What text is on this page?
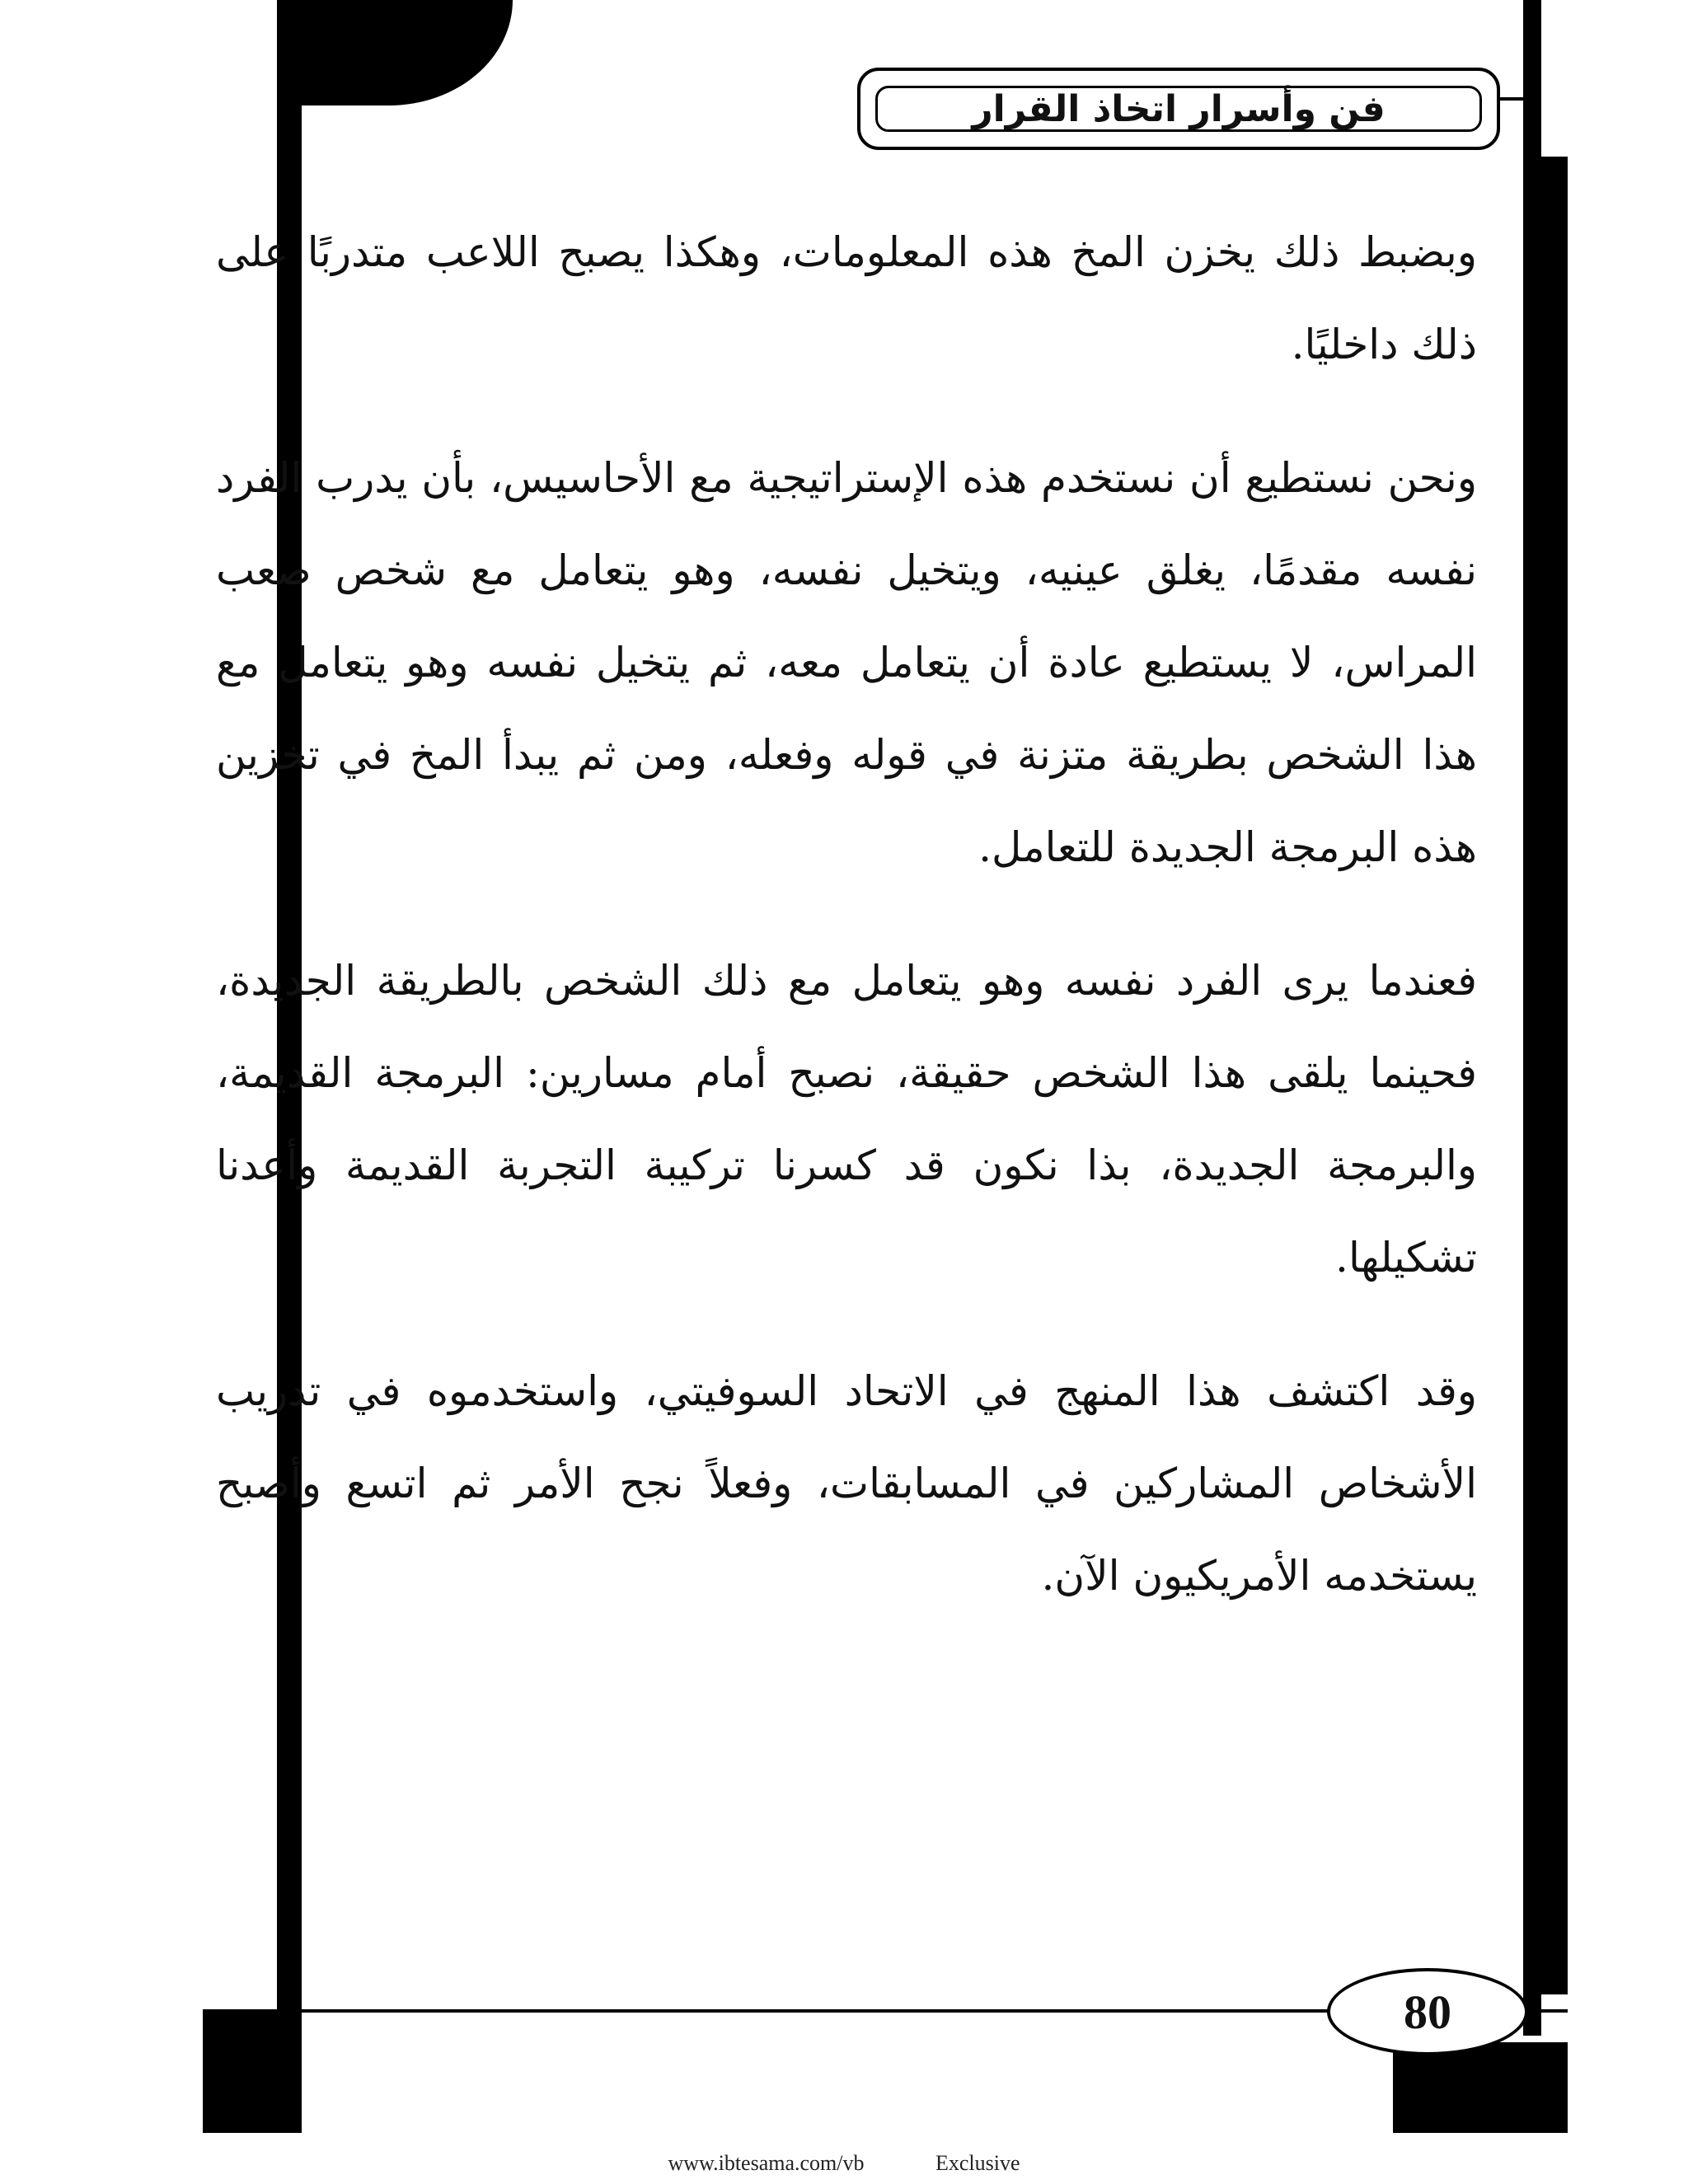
فن وأسرار اتخاذ القرار

وبضبط ذلك يخزن المخ هذه المعلومات، وهكذا يصبح اللاعب متدربًا على ذلك داخليًا.

ونحن نستطيع أن نستخدم هذه الإستراتيجية مع الأحاسيس، بأن يدرب الفرد نفسه مقدمًا، يغلق عينيه، ويتخيل نفسه، وهو يتعامل مع شخص صعب المراس، لا يستطيع عادة أن يتعامل معه، ثم يتخيل نفسه وهو يتعامل مع هذا الشخص بطريقة متزنة في قوله وفعله، ومن ثم يبدأ المخ في تخزين هذه البرمجة الجديدة للتعامل.

فعندما يرى الفرد نفسه وهو يتعامل مع ذلك الشخص بالطريقة الجديدة، فحينما يلقى هذا الشخص حقيقة، نصبح أمام مسارين: البرمجة القديمة، والبرمجة الجديدة، بذا نكون قد كسرنا تركيبة التجربة القديمة وأعدنا تشكيلها.

وقد اكتشف هذا المنهج في الاتحاد السوفيتي، واستخدموه في تدريب الأشخاص المشاركين في المسابقات، وفعلاً نجح الأمر ثم اتسع وأصبح يستخدمه الأمريكيون الآن.

80
www.ibtesama.com/vb	Exclusive
